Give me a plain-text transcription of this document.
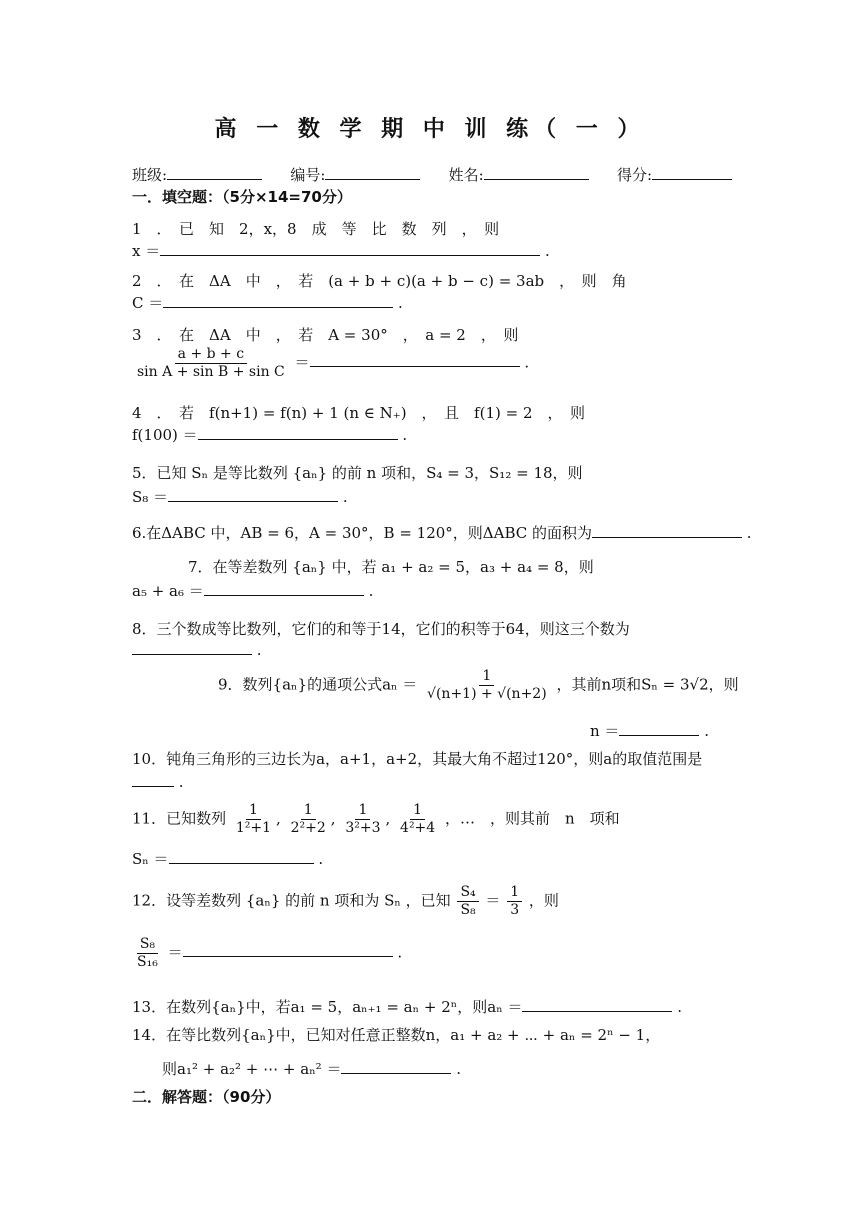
高 一 数 学 期 中 训 练（ 一 ）
班级:	编号:	姓名:	得分:
一．填空题：（5分×14=70分）
1　．　已　知　2，x，8　成　等　比　数　列　，　则
x ＝	.
2　．　在　ΔA　中　，　若　(a + b + c)(a + b − c) = 3ab　，　则　角
C ＝	.
3　．　在　ΔA　中　，　若　A = 30°　，　a = 2　，　则
$\frac{a + b + c}{\text{sin A + sin B + sin C}}$ ＝	.
4　．　若　f(n+1) = f(n) + 1 (n ∈ N₊)　，　且　f(1) = 2　，　则
f(100) ＝	.
5．已知 Sₙ 是等比数列 {aₙ} 的前 n 项和，S₄ = 3，S₁₂ = 18，则
S₈ ＝	.
6.在ΔABC 中，AB = 6，A = 30°，B = 120°，则ΔABC 的面积为	.
7．在等差数列 {aₙ} 中，若 a₁ + a₂ = 5，a₃ + a₄ = 8，则
a₅ + a₆ ＝	.
8．三个数成等比数列，它们的和等于14，它们的积等于64，则这三个数为
.
9．数列{aₙ}的通项公式$a_n = \frac{1}{√(n+1) + √(n+2)}$ ，其前n项和Sₙ = 3√2，则
n ＝	.
10．钝角三角形的三边长为a，a+1，a+2，其最大角不超过120°，则a的取值范围是
.
11．已知数列 $\frac{1}{\text{1²+1}}$ , $\frac{1}{\text{2²+2}}$ , $\frac{1}{\text{3²+3}}$ , $\frac{1}{\text{4²+4}}$ ，…　，则其前　n　项和
Sₙ ＝	.
12．设等差数列 {aₙ} 的前 n 项和为 Sₙ ，已知 $\frac{\text{S₄}}{\text{S₈}} = \frac{1}{3}$ ，则
$\frac{\text{S₈}}{\text{S₁₆}}$ ＝	.
13．在数列{aₙ}中，若a₁ = 5，aₙ₊₁ = aₙ + 2ⁿ，则aₙ ＝	.
14．在等比数列{aₙ}中，已知对任意正整数n，a₁ + a₂ + ⋯ + aₙ = 2ⁿ − 1，
则a₁² + a₂² + ⋯ + aₙ² ＝	.
二．解答题：（90分）
